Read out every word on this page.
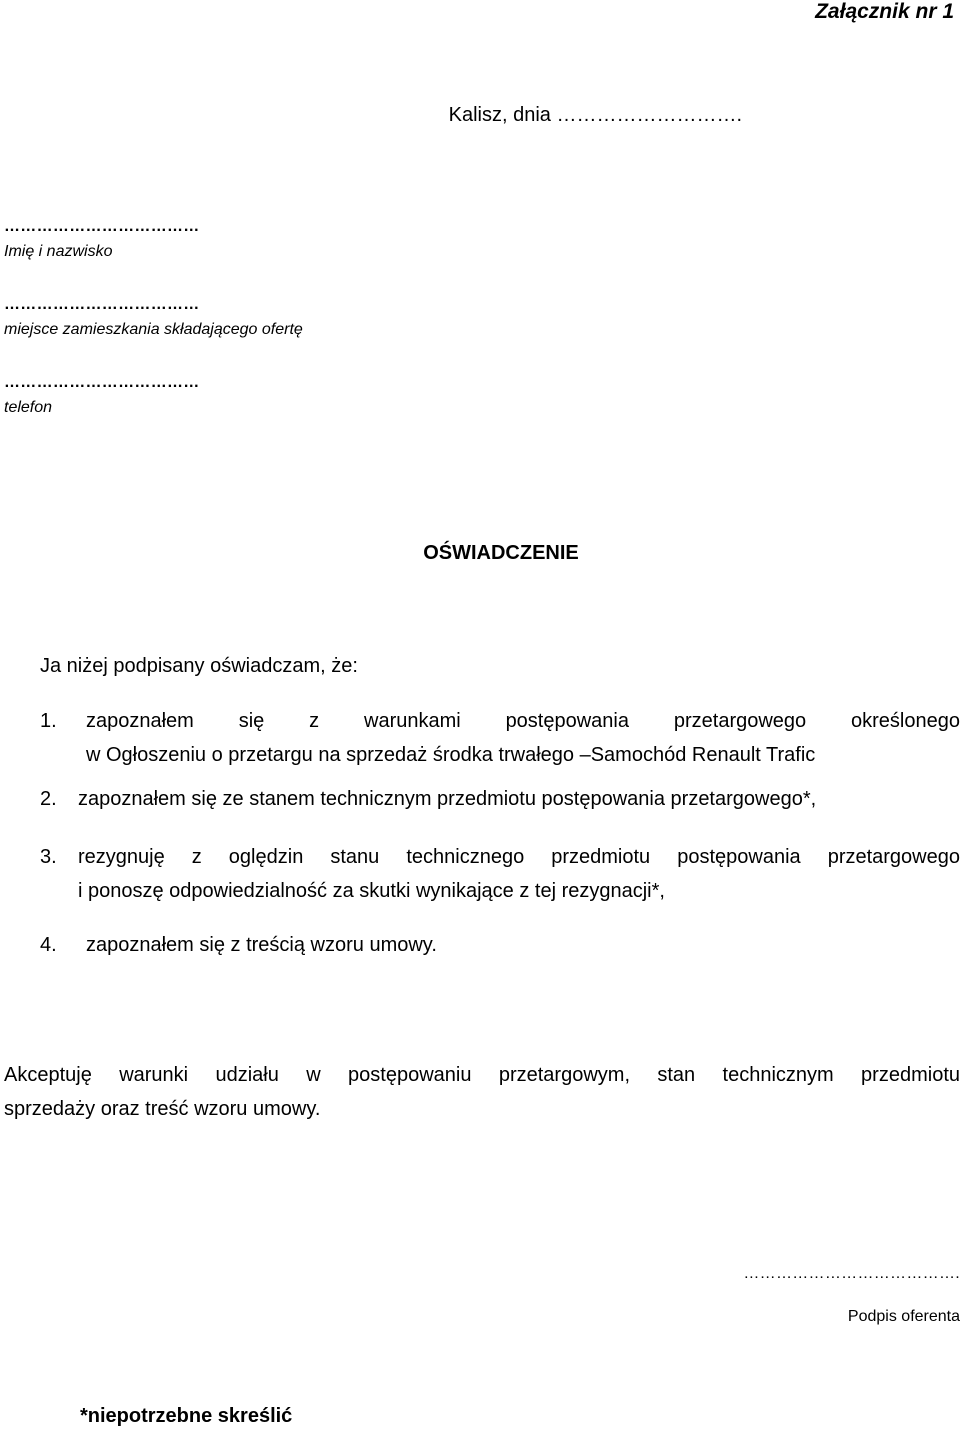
Załącznik nr 1
Kalisz, dnia ……………………….
………………………………
Imię i nazwisko
………………………………
miejsce zamieszkania składającego ofertę
………………………………
telefon
OŚWIADCZENIE
Ja niżej podpisany oświadczam, że:
1. zapoznałem się z warunkami postępowania przetargowego określonego
w Ogłoszeniu o przetargu na sprzedaż środka trwałego –Samochód Renault Trafic
2. zapoznałem się ze stanem technicznym przedmiotu postępowania przetargowego*,
3. rezygnuję z oględzin stanu technicznego przedmiotu postępowania przetargowego
i ponoszę odpowiedzialność za skutki wynikające z tej rezygnacji*,
4. zapoznałem się z treścią wzoru umowy.
Akceptuję warunki udziału w postępowaniu przetargowym, stan technicznym przedmiotu
sprzedaży oraz treść wzoru umowy.
………………………………….
Podpis oferenta
*niepotrzebne skreślić
